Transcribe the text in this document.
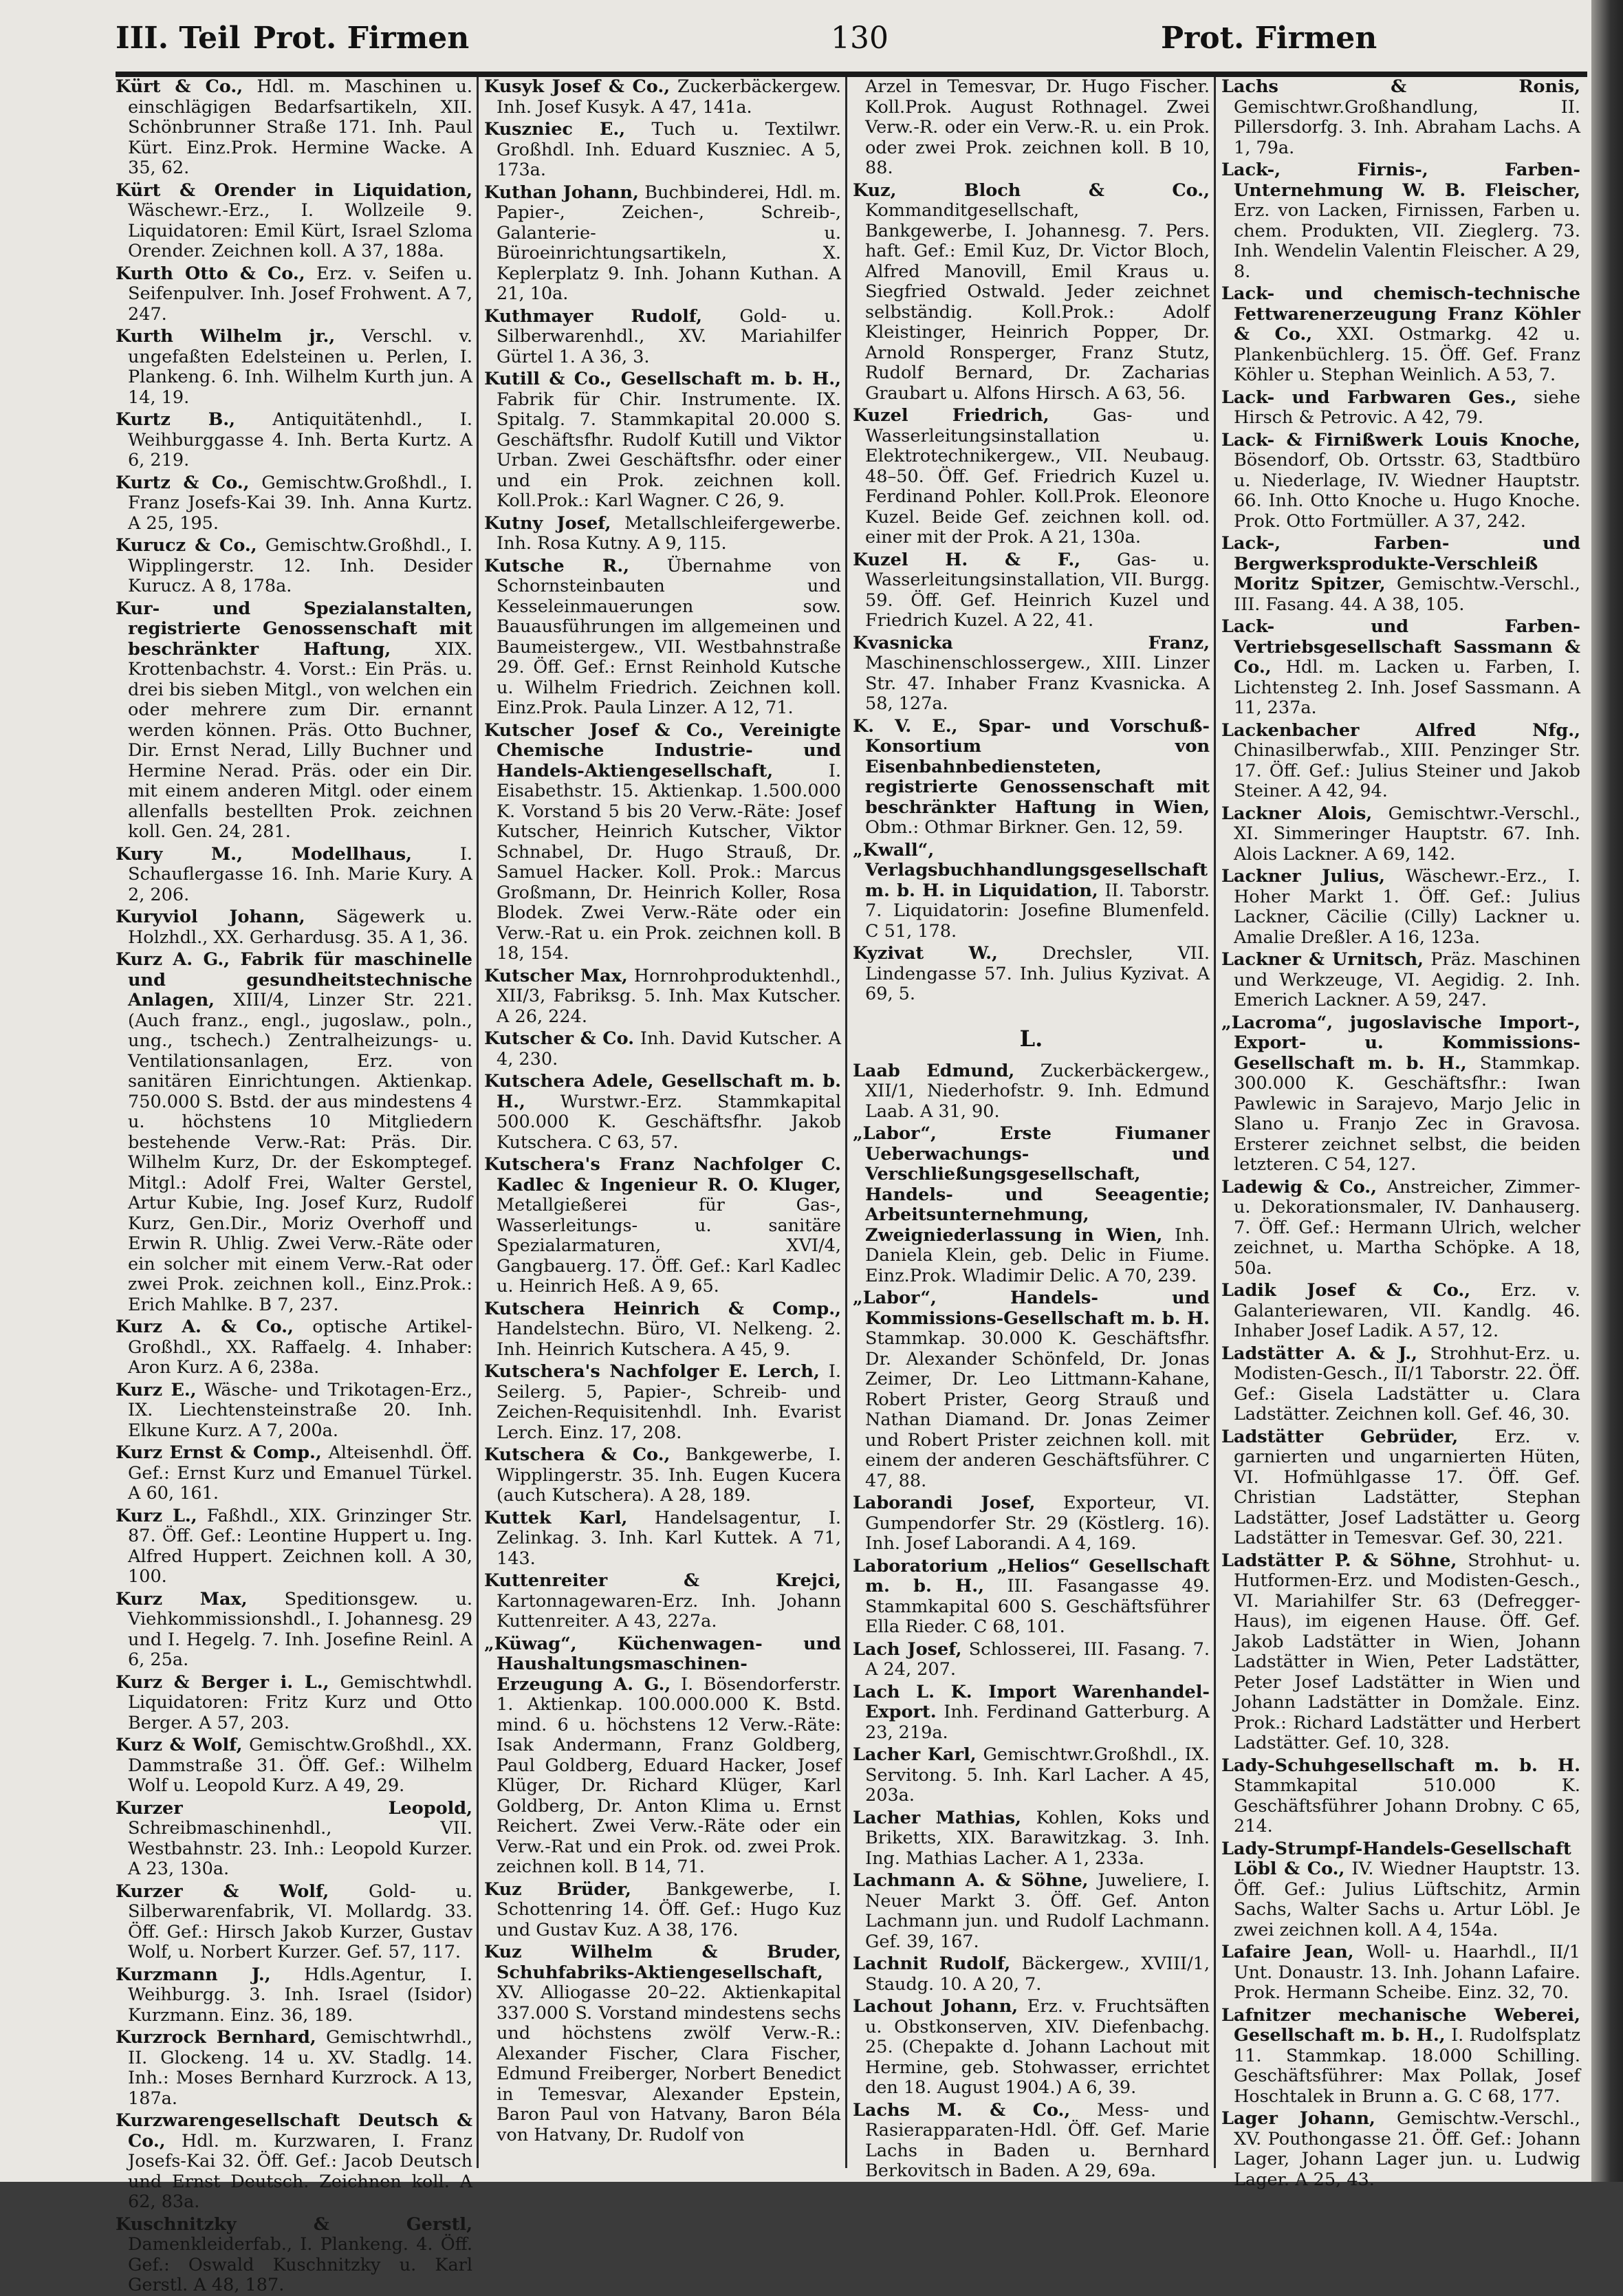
III. Teil Prot. Firmen	130	Prot. Firmen
Kürt & Co., Hdl. m. Maschinen u. einschlägigen Bedarfsartikeln, XII. Schönbrunner Straße 171. Inh. Paul Kürt. Einz.Prok. Hermine Wacke. A 35, 62.
Kürt & Orender in Liquidation, Wäschewr.-Erz., I. Wollzeile 9. Liquidatoren: Emil Kürt, Israel Szloma Orender. Zeichnen koll. A 37, 188a.
Kurth Otto & Co., Erz. v. Seifen u. Seifenpulver. Inh. Josef Frohwent. A 7, 247.
Kurth Wilhelm jr., Verschl. v. ungefaßten Edelsteinen u. Perlen, I. Plankeng. 6. Inh. Wilhelm Kurth jun. A 14, 19.
Kurtz B., Antiquitätenhdl., I. Weihburggasse 4. Inh. Berta Kurtz. A 6, 219.
Kurtz & Co., Gemischtw.Großhdl., I. Franz Josefs-Kai 39. Inh. Anna Kurtz. A 25, 195.
Kurucz & Co., Gemischtw.Großhdl., I. Wipplingerstr. 12. Inh. Desider Kurucz. A 8, 178a.
Kur- und Spezialanstalten, registrierte Genossenschaft mit beschränkter Haftung,	XIX. Krottenbachstr. 4. Vorst.: Ein Präs. u. drei bis sieben Mitgl., von welchen ein oder mehrere zum Dir. ernannt werden können. Präs. Otto Buchner, Dir. Ernst Nerad, Lilly Buchner und Hermine Nerad. Präs. oder ein Dir. mit einem anderen Mitgl. oder einem allenfalls bestellten Prok. zeichnen koll. Gen. 24, 281.
Kury M., Modellhaus,	I. Schauflergasse 16. Inh. Marie Kury. A 2, 206.
Kuryviol Johann, Sägewerk u. Holzhdl., XX. Gerhardusg. 35. A 1, 36.
Kurz A. G., Fabrik für maschinelle und gesundheitstechnische Anlagen, XIII/4, Linzer Str. 221. (Auch franz., engl., jugoslaw., poln., ung., tschech.) Zentralheizungs- u. Ventilationsanlagen, Erz. von sanitären Einrichtungen. Aktienkap. 750.000 S. Bstd. der aus mindestens 4 u. höchstens 10 Mitgliedern bestehende Verw.-Rat: Präs. Dir. Wilhelm Kurz, Dr. der Eskomptegef. Mitgl.: Adolf Frei, Walter Gerstel, Artur Kubie, Ing. Josef Kurz, Rudolf Kurz, Gen.Dir., Moriz Overhoff und Erwin R. Uhlig. Zwei Verw.-Räte oder ein solcher mit einem Verw.-Rat oder zwei Prok. zeichnen koll., Einz.Prok.: Erich Mahlke. B 7, 237.
Kurz A. & Co., optische Artikel-Großhdl., XX. Raffaelg. 4. Inhaber: Aron Kurz. A 6, 238a.
Kurz E., Wäsche- und Trikotagen-Erz., IX. Liechtensteinstraße 20. Inh. Elkune Kurz. A 7, 200a.
Kurz Ernst & Comp., Alteisenhdl. Öff. Gef.: Ernst Kurz und Emanuel Türkel. A 60, 161.
Kurz L., Faßhdl., XIX. Grinzinger Str. 87. Öff. Gef.: Leontine Huppert u. Ing. Alfred Huppert. Zeichnen koll. A 30, 100.
Kurz Max, Speditionsgew. u. Viehkommissionshdl., I. Johannesg. 29 und I. Hegelg. 7. Inh. Josefine Reinl. A 6, 25a.
Kurz & Berger i. L., Gemischtwhdl. Liquidatoren: Fritz Kurz und Otto Berger. A 57, 203.
Kurz & Wolf, Gemischtw.Großhdl., XX. Dammstraße 31. Öff. Gef.: Wilhelm Wolf u. Leopold Kurz. A 49, 29.
Kurzer Leopold, Schreibmaschinenhdl., VII. Westbahnstr. 23. Inh.: Leopold Kurzer. A 23, 130a.
Kurzer & Wolf, Gold- u. Silberwarenfabrik, VI. Mollardg. 33. Öff. Gef.: Hirsch Jakob Kurzer, Gustav Wolf, u. Norbert Kurzer. Gef. 57, 117.
Kurzmann J., Hdls.Agentur, I. Weihburgg. 3. Inh. Israel (Isidor) Kurzmann. Einz. 36, 189.
Kurzrock Bernhard, Gemischtwrhdl., II. Glockeng. 14 u. XV. Stadlg. 14. Inh.: Moses Bernhard Kurzrock. A 13, 187a.
Kurzwarengesellschaft Deutsch & Co., Hdl. m. Kurzwaren, I. Franz Josefs-Kai 32. Öff. Gef.: Jacob Deutsch und Ernst Deutsch. Zeichnen koll. A 62, 83a.
Kuschnitzky & Gerstl, Damenkleiderfab., I. Plankeng. 4. Öff. Gef.: Oswald Kuschnitzky u. Karl Gerstl. A 48, 187.
Kusyk Josef & Co., Zuckerbäckergew. Inh. Josef Kusyk. A 47, 141a.
Kuszniec E., Tuch u. Textilwr. Großhdl. Inh. Eduard Kuszniec. A 5, 173a.
Kuthan Johann, Buchbinderei, Hdl. m. Papier-, Zeichen-, Schreib-, Galanterie- u. Büroeinrichtungsartikeln, X. Keplerplatz 9. Inh. Johann Kuthan. A 21, 10a.
Kuthmayer Rudolf, Gold- u. Silberwarenhdl., XV. Mariahilfer Gürtel 1. A 36, 3.
Kutill & Co., Gesellschaft m. b. H., Fabrik für Chir. Instrumente. IX. Spitalg. 7. Stammkapital 20.000 S. Geschäftsfhr. Rudolf Kutill und Viktor Urban. Zwei Geschäftsfhr. oder einer und ein Prok. zeichnen koll. Koll.Prok.: Karl Wagner. C 26, 9.
Kutny Josef, Metallschleifergewerbe. Inh. Rosa Kutny. A 9, 115.
Kutsche R., Übernahme von Schornsteinbauten und Kesseleinmauerungen sow. Bauausführungen im allgemeinen und Baumeistergew., VII. Westbahnstraße 29. Öff. Gef.: Ernst Reinhold Kutsche u. Wilhelm Friedrich. Zeichnen koll. Einz.Prok. Paula Linzer. A 12, 71.
Kutscher Josef & Co., Vereinigte Chemische Industrie- und Handels-Aktiengesellschaft,	I. Eisabethstr. 15. Aktienkap. 1.500.000 K. Vorstand 5 bis 20 Verw.-Räte: Josef Kutscher, Heinrich Kutscher, Viktor Schnabel, Dr. Hugo Strauß, Dr. Samuel Hacker. Koll. Prok.: Marcus Großmann, Dr. Heinrich Koller, Rosa Blodek. Zwei Verw.-Räte oder ein Verw.-Rat u. ein Prok. zeichnen koll. B 18, 154.
Kutscher Max, Hornrohproduktenhdl., XII/3, Fabriksg. 5. Inh. Max Kutscher. A 26, 224.
Kutscher & Co. Inh. David Kutscher. A 4, 230.
Kutschera Adele, Gesellschaft m. b. H., Wurstwr.-Erz. Stammkapital 500.000 K. Geschäftsfhr. Jakob Kutschera. C 63, 57.
Kutschera's Franz Nachfolger C. Kadlec & Ingenieur R. O. Kluger, Metallgießerei für Gas-, Wasserleitungs- u. sanitäre Spezialarmaturen, XVI/4, Gangbauerg. 17. Öff. Gef.: Karl Kadlec u. Heinrich Heß. A 9, 65.
Kutschera Heinrich & Comp., Handelstechn. Büro, VI. Nelkeng. 2. Inh. Heinrich Kutschera. A 45, 9.
Kutschera's Nachfolger E. Lerch, I. Seilerg. 5, Papier-, Schreib- und Zeichen-Requisitenhdl. Inh. Evarist Lerch. Einz. 17, 208.
Kutschera & Co., Bankgewerbe, I. Wipplingerstr. 35. Inh. Eugen Kucera (auch Kutschera). A 28, 189.
Kuttek Karl, Handelsagentur, I. Zelinkag. 3. Inh. Karl Kuttek. A 71, 143.
Kuttenreiter & Krejci, Kartonnagewaren-Erz. Inh. Johann Kuttenreiter. A 43, 227a.
„Küwag“, Küchenwagen- und Haushaltungsmaschinen-Erzeugung A. G., I. Bösendorferstr. 1. Aktienkap. 100.000.000 K. Bstd. mind. 6 u. höchstens 12 Verw.-Räte: Isak Andermann, Franz Goldberg, Paul Goldberg, Eduard Hacker, Josef Klüger, Dr. Richard Klüger, Karl Goldberg, Dr. Anton Klima u. Ernst Reichert. Zwei Verw.-Räte oder ein Verw.-Rat und ein Prok. od. zwei Prok. zeichnen koll. B 14, 71.
Kuz Brüder, Bankgewerbe, I. Schottenring 14. Öff. Gef.: Hugo Kuz und Gustav Kuz. A 38, 176.
Kuz Wilhelm & Bruder, Schuhfabriks-Aktiengesellschaft, XV. Alliogasse 20–22. Aktienkapital 337.000 S. Vorstand mindestens sechs und höchstens zwölf Verw.-R.: Alexander Fischer, Clara Fischer, Edmund Freiberger, Norbert Benedict in Temesvar, Alexander Epstein, Baron Paul von Hatvany, Baron Béla von Hatvany, Dr. Rudolf von
Arzel in Temesvar, Dr. Hugo Fischer. Koll.Prok. August Rothnagel. Zwei Verw.-R. oder ein Verw.-R. u. ein Prok. oder zwei Prok. zeichnen koll. B 10, 88.
Kuz, Bloch & Co., Kommanditgesellschaft, Bankgewerbe, I. Johannesg. 7. Pers. haft. Gef.: Emil Kuz, Dr. Victor Bloch, Alfred Manovill, Emil Kraus u. Siegfried Ostwald. Jeder zeichnet selbständig. Koll.Prok.: Adolf Kleistinger, Heinrich Popper, Dr. Arnold Ronsperger, Franz Stutz, Rudolf Bernard, Dr. Zacharias Graubart u. Alfons Hirsch. A 63, 56.
Kuzel Friedrich, Gas- und Wasserleitungsinstallation u. Elektrotechnikergew., VII. Neubaug. 48–50. Öff. Gef. Friedrich Kuzel u. Ferdinand Pohler. Koll.Prok. Eleonore Kuzel. Beide Gef. zeichnen koll. od. einer mit der Prok. A 21, 130a.
Kuzel H. & F., Gas- u. Wasserleitungsinstallation, VII. Burgg. 59. Öff. Gef. Heinrich Kuzel und Friedrich Kuzel. A 22, 41.
Kvasnicka Franz, Maschinenschlossergew., XIII. Linzer Str. 47. Inhaber Franz Kvasnicka. A 58, 127a.
K. V. E., Spar- und Vorschuß-Konsortium von Eisenbahnbediensteten, registrierte Genossenschaft mit beschränkter Haftung in Wien, Obm.: Othmar Birkner. Gen. 12, 59.
„Kwall“, Verlagsbuchhandlungsgesellschaft m. b. H. in Liquidation, II. Taborstr. 7. Liquidatorin: Josefine Blumenfeld. C 51, 178.
Kyzivat W.,	Drechsler, VII. Lindengasse 57. Inh. Julius Kyzivat. A 69, 5.
L.
Laab Edmund, Zuckerbäckergew., XII/1, Niederhofstr. 9. Inh. Edmund Laab. A 31, 90.
„Labor“, Erste Fiumaner Ueberwachungs- und Verschließungsgesellschaft, Handels- und Seeagentie; Arbeitsunternehmung, Zweigniederlassung in Wien, Inh. Daniela Klein, geb. Delic in Fiume. Einz.Prok. Wladimir Delic. A 70, 239.
„Labor“, Handels- und Kommissions-Gesellschaft m. b. H. Stammkap. 30.000 K. Geschäftsfhr. Dr. Alexander Schönfeld, Dr. Jonas Zeimer, Dr. Leo Littmann-Kahane, Robert Prister, Georg Strauß und Nathan Diamand. Dr. Jonas Zeimer und Robert Prister zeichnen koll. mit einem der anderen Geschäftsführer. C 47, 88.
Laborandi Josef, Exporteur, VI. Gumpendorfer Str. 29 (Köstlerg. 16). Inh. Josef Laborandi. A 4, 169.
Laboratorium „Helios“ Gesellschaft m. b. H., III. Fasangasse 49. Stammkapital 600 S. Geschäftsführer Ella Rieder. C 68, 101.
Lach Josef, Schlosserei, III. Fasang. 7. A 24, 207.
Lach L. K. Import Warenhandel-Export. Inh. Ferdinand Gatterburg. A 23, 219a.
Lacher Karl, Gemischtwr.Großhdl., IX. Servitong. 5. Inh. Karl Lacher. A 45, 203a.
Lacher Mathias, Kohlen, Koks und Briketts, XIX. Barawitzkag. 3. Inh. Ing. Mathias Lacher. A 1, 233a.
Lachmann A. & Söhne, Juweliere, I. Neuer Markt 3. Öff. Gef. Anton Lachmann jun. und Rudolf Lachmann. Gef. 39, 167.
Lachnit Rudolf, Bäckergew., XVIII/1, Staudg. 10. A 20, 7.
Lachout Johann, Erz. v. Fruchtsäften u. Obstkonserven, XIV. Diefenbachg. 25. (Chepakte d. Johann Lachout mit Hermine, geb. Stohwasser, errichtet den 18. August 1904.) A 6, 39.
Lachs M. & Co., Mess- und Rasierapparaten-Hdl. Öff. Gef. Marie Lachs in Baden u. Bernhard Berkovitsch in Baden. A 29, 69a.
Lachs & Ronis, Gemischtwr.Großhandlung, II. Pillersdorfg. 3. Inh. Abraham Lachs. A 1, 79a.
Lack-, Firnis-, Farben-Unternehmung W. B. Fleischer, Erz. von Lacken, Firnissen, Farben u. chem. Produkten, VII. Zieglerg. 73. Inh. Wendelin Valentin Fleischer. A 29, 8.
Lack- und chemisch-technische Fettwarenerzeugung Franz Köhler & Co., XXI. Ostmarkg. 42 u. Plankenbüchlerg. 15. Öff. Gef. Franz Köhler u. Stephan Weinlich. A 53, 7.
Lack- und Farbwaren Ges., siehe Hirsch & Petrovic. A 42, 79.
Lack- & Firnißwerk Louis Knoche, Bösendorf, Ob. Ortsstr. 63, Stadtbüro u. Niederlage, IV. Wiedner Hauptstr. 66. Inh. Otto Knoche u. Hugo Knoche. Prok. Otto Fortmüller. A 37, 242.
Lack-, Farben- und Bergwerksprodukte-Verschleiß Moritz Spitzer, Gemischtw.-Verschl., III. Fasang. 44. A 38, 105.
Lack- und Farben-Vertriebsgesellschaft Sassmann & Co., Hdl. m. Lacken u. Farben, I. Lichtensteg 2. Inh. Josef Sassmann. A 11, 237a.
Lackenbacher Alfred Nfg., Chinasilberwfab., XIII. Penzinger Str. 17. Öff. Gef.: Julius Steiner und Jakob Steiner. A 42, 94.
Lackner Alois, Gemischtwr.-Verschl., XI. Simmeringer Hauptstr. 67. Inh. Alois Lackner. A 69, 142.
Lackner Julius, Wäschewr.-Erz., I. Hoher Markt 1. Öff. Gef.: Julius Lackner, Cäcilie (Cilly) Lackner u. Amalie Dreßler. A 16, 123a.
Lackner & Urnitsch, Präz. Maschinen und Werkzeuge, VI. Aegidig. 2. Inh. Emerich Lackner. A 59, 247.
„Lacroma“, jugoslavische Import-, Export- u. Kommissions-Gesellschaft m. b. H., Stammkap. 300.000 K. Geschäftsfhr.: Iwan Pawlewic in Sarajevo, Marjo Jelic in Slano u. Franjo Zec in Gravosa. Ersterer zeichnet selbst, die beiden letzteren. C 54, 127.
Ladewig & Co., Anstreicher, Zimmer- u. Dekorationsmaler, IV. Danhauserg. 7. Öff. Gef.: Hermann Ulrich, welcher zeichnet, u. Martha Schöpke. A 18, 50a.
Ladik Josef & Co., Erz. v. Galanteriewaren, VII. Kandlg. 46. Inhaber Josef Ladik. A 57, 12.
Ladstätter A. & J., Strohhut-Erz. u. Modisten-Gesch., II/1 Taborstr. 22. Öff. Gef.: Gisela Ladstätter u. Clara Ladstätter. Zeichnen koll. Gef. 46, 30.
Ladstätter Gebrüder, Erz. v. garnierten und ungarnierten Hüten, VI. Hofmühlgasse 17. Öff. Gef. Christian Ladstätter, Stephan Ladstätter, Josef Ladstätter u. Georg Ladstätter in Temesvar. Gef. 30, 221.
Ladstätter P. & Söhne, Strohhut- u. Hutformen-Erz. und Modisten-Gesch., VI. Mariahilfer Str. 63 (Defregger-Haus), im eigenen Hause. Öff. Gef. Jakob Ladstätter in Wien, Johann Ladstätter in Wien, Peter Ladstätter, Peter Josef Ladstätter in Wien und Johann Ladstätter in Domžale. Einz. Prok.: Richard Ladstätter und Herbert Ladstätter. Gef. 10, 328.
Lady-Schuhgesellschaft m. b. H. Stammkapital 510.000 K. Geschäftsführer Johann Drobny. C 65, 214.
Lady-Strumpf-Handels-Gesellschaft Löbl & Co., IV. Wiedner Hauptstr. 13. Öff. Gef.: Julius Lüftschitz, Armin Sachs, Walter Sachs u. Artur Löbl. Je zwei zeichnen koll. A 4, 154a.
Lafaire Jean, Woll- u. Haarhdl., II/1 Unt. Donaustr. 13. Inh. Johann Lafaire. Prok. Hermann Scheibe. Einz. 32, 70.
Lafnitzer mechanische Weberei, Gesellschaft m. b. H., I. Rudolfsplatz 11. Stammkap. 18.000 Schilling. Geschäftsführer: Max Pollak, Josef Hoschtalek in Brunn a. G. C 68, 177.
Lager Johann, Gemischtw.-Verschl., XV. Pouthongasse 21. Öff. Gef.: Johann Lager, Johann Lager jun. u. Ludwig Lager. A 25, 43.
